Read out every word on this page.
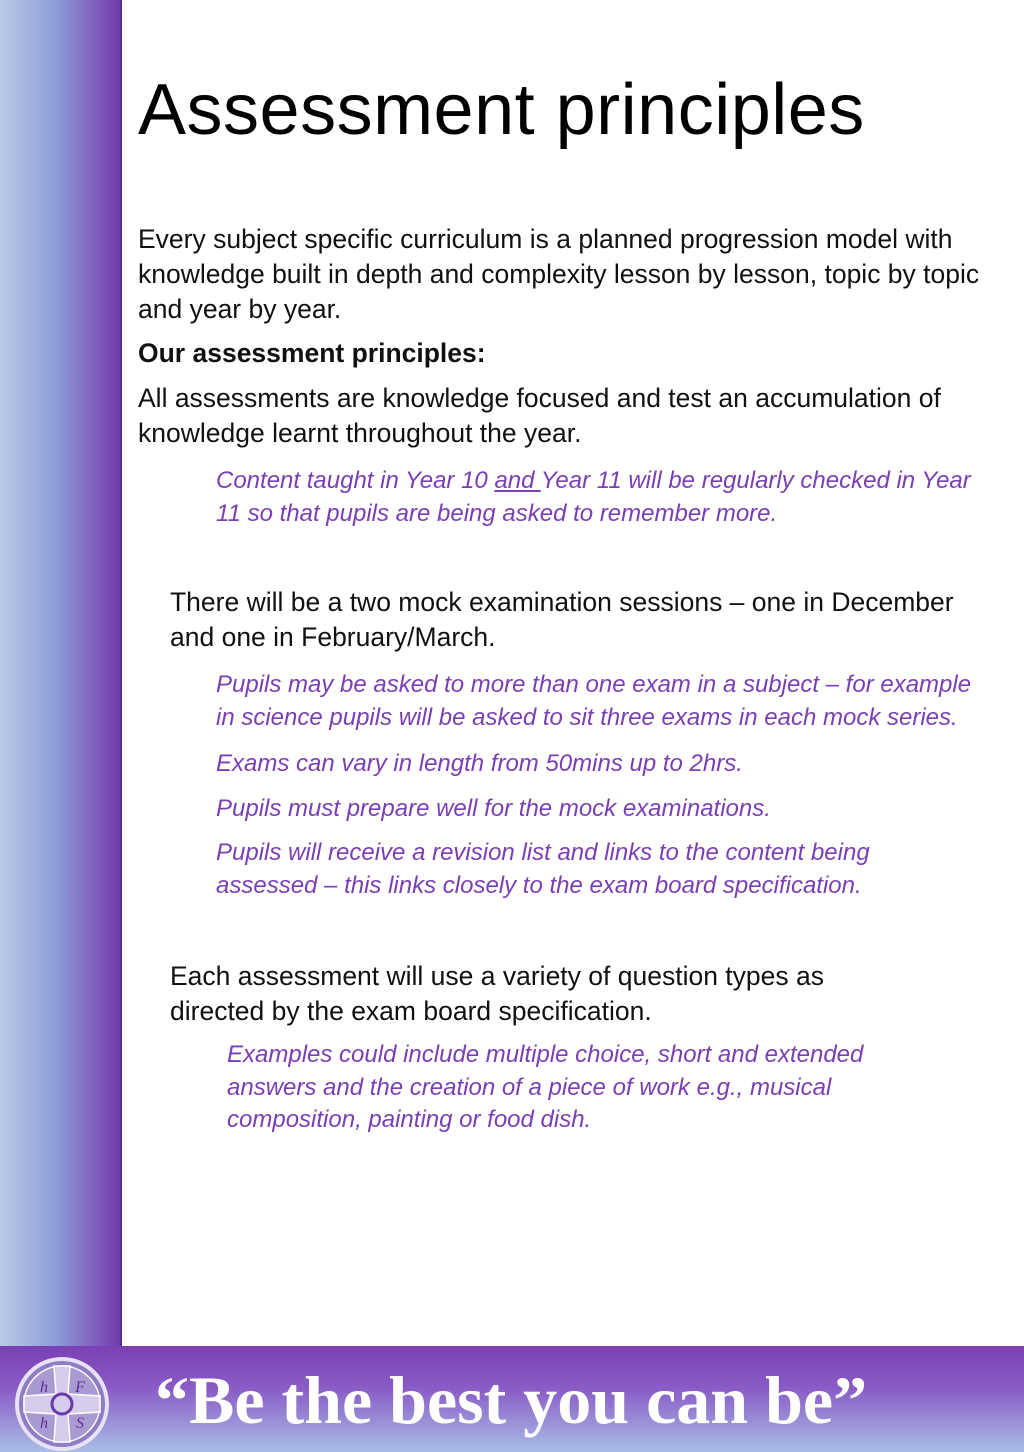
Assessment principles

Every subject specific curriculum is a planned progression model with knowledge built in depth and complexity lesson by lesson, topic by topic and year by year.

Our assessment principles:

All assessments are knowledge focused and test an accumulation of knowledge learnt throughout the year.

Content taught in Year 10 and Year 11 will be regularly checked in Year 11 so that pupils are being asked to remember more.

There will be a two mock examination sessions – one in December and one in February/March.

Pupils may be asked to more than one exam in a subject – for example in science pupils will be asked to sit three exams in each mock series.

Exams can vary in length from 50mins up to 2hrs.

Pupils must prepare well for the mock examinations.

Pupils will receive a revision list and links to the content being assessed – this links closely to the exam board specification.

Each assessment will use a variety of question types as directed by the exam board specification.

Examples could include multiple choice, short and extended answers and the creation of a piece of work e.g., musical composition, painting or food dish.

h F
h S “Be the best you can be”
